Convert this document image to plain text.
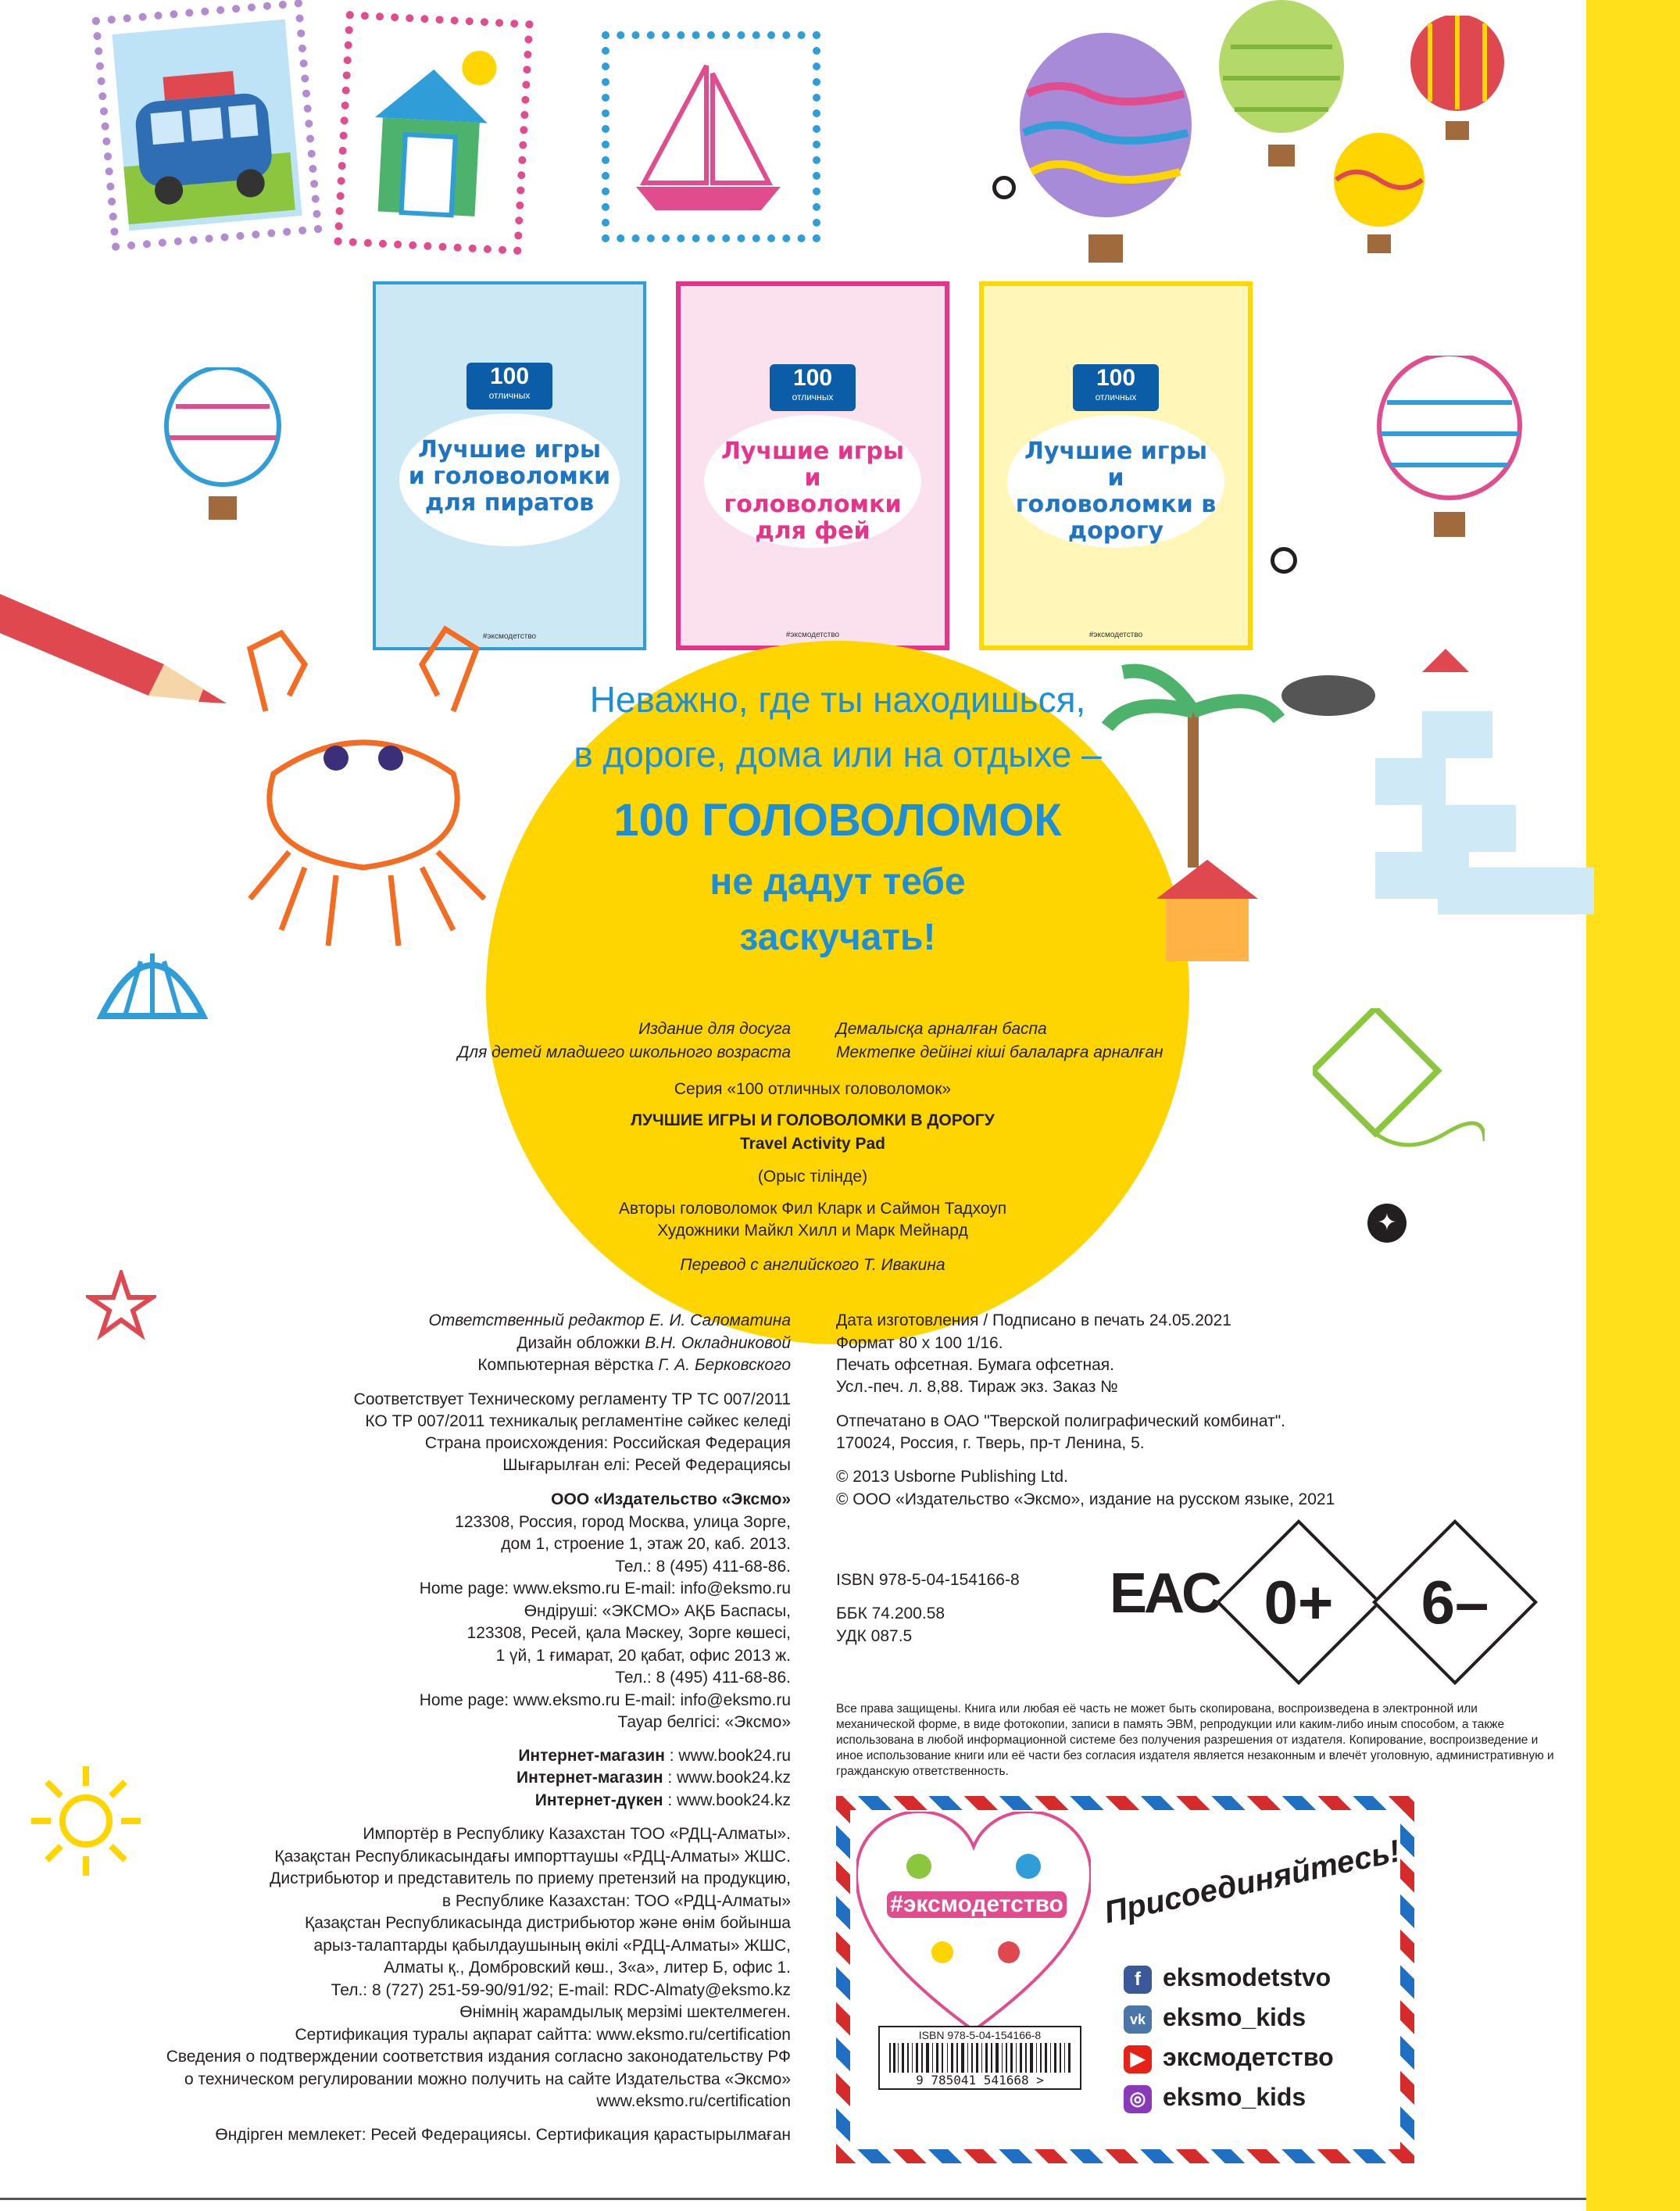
100
отличных
Лучшие игры и головоломки для пиратов
#эксмодетство
100
отличных
Лучшие игры и головоломки для фей
#эксмодетство
100
отличных
Лучшие игры и головоломки в дорогу
#эксмодетство
Неважно, где ты находишься,
в дороге, дома или на отдыхе –
100 ГОЛОВОЛОМОК
не дадут тебе
заскучать!
✦
Издание для досуга	Демалысқа арналған баспа
Для детей младшего школьного возраста	Мектепке дейінгі кіші балаларға арналған
Серия «100 отличных головоломок»
ЛУЧШИЕ ИГРЫ И ГОЛОВОЛОМКИ В ДОРОГУ
Travel Activity Pad
(Орыс тілінде)
Авторы головоломок Фил Кларк и Саймон Тадхоуп
Художники Майкл Хилл и Марк Мейнард
Перевод с английского Т. Ивакина
Ответственный редактор Е. И. Саломатина
Дизайн обложки В.Н. Окладниковой
Компьютерная вёрстка Г. А. Берковского
Соответствует Техническому регламенту ТР ТС 007/2011
КО ТР 007/2011 техникалық регламентіне сәйкес келеді
Страна происхождения: Российская Федерация
Шығарылған елі: Ресей Федерациясы
ООО «Издательство «Эксмо»
123308, Россия, город Москва, улица Зорге,
дом 1, строение 1, этаж 20, каб. 2013.
Тел.: 8 (495) 411-68-86.
Home page: www.eksmo.ru E-mail: info@eksmo.ru
Өндіруші: «ЭКСМО» АҚБ Баспасы,
123308, Ресей, қала Мәскеу, Зорге көшесі,
1 үй, 1 ғимарат, 20 қабат, офис 2013 ж.
Тел.: 8 (495) 411-68-86.
Home page: www.eksmo.ru E-mail: info@eksmo.ru
Тауар белгісі: «Эксмо»
Интернет-магазин : www.book24.ru
Интернет-магазин : www.book24.kz
Интернет-дүкен : www.book24.kz
Импортёр в Республику Казахстан ТОО «РДЦ-Алматы».
Қазақстан Республикасындағы импорттаушы «РДЦ-Алматы» ЖШС.
Дистрибьютор и представитель по приему претензий на продукцию,
в Республике Казахстан: ТОО «РДЦ-Алматы»
Қазақстан Республикасында дистрибьютор және өнім бойынша
арыз-талаптарды қабылдаушының өкілі «РДЦ-Алматы» ЖШС,
Алматы қ., Домбровский көш., 3«а», литер Б, офис 1.
Тел.: 8 (727) 251-59-90/91/92; E-mail: RDC-Almaty@eksmo.kz
Өнімнің жарамдылық мерзімі шектелмеген.
Сертификация туралы ақпарат сайтта: www.eksmo.ru/certification
Сведения о подтверждении соответствия издания согласно законодательству РФ
о техническом регулировании можно получить на сайте Издательства «Эксмо»
www.eksmo.ru/certification
Өндірген мемлекет: Ресей Федерациясы. Сертификация қарастырылмаған
Дата изготовления / Подписано в печать 24.05.2021
Формат 80 x 100 1/16.
Печать офсетная. Бумага офсетная.
Усл.-печ. л. 8,88. Тираж экз. Заказ №
Отпечатано в ОАО "Тверской полиграфический комбинат".
170024, Россия, г. Тверь, пр-т Ленина, 5.
© 2013 Usborne Publishing Ltd.
© ООО «Издательство «Эксмо», издание на русском языке, 2021
ISBN 978-5-04-154166-8
ББК 74.200.58
УДК 087.5
EAC 0+	6–
Все права защищены. Книга или любая её часть не может быть скопирована, воспроизведена в электронной или механической форме, в виде фотокопии, записи в память ЭВМ, репродукции или каким-либо иным способом, а также использована в любой информационной системе без получения разрешения от издателя. Копирование, воспроизведение и иное использование книги или её части без согласия издателя является незаконным и влечёт уголовную, административную и гражданскую ответственность.
#эксмодетство Присоединяйтесь!
f eksmodetstvo
vk eksmo_kids
▶ эксмодетство
◎ eksmo_kids
ISBN 978-5-04-154166-8
9 785041 541668 >
